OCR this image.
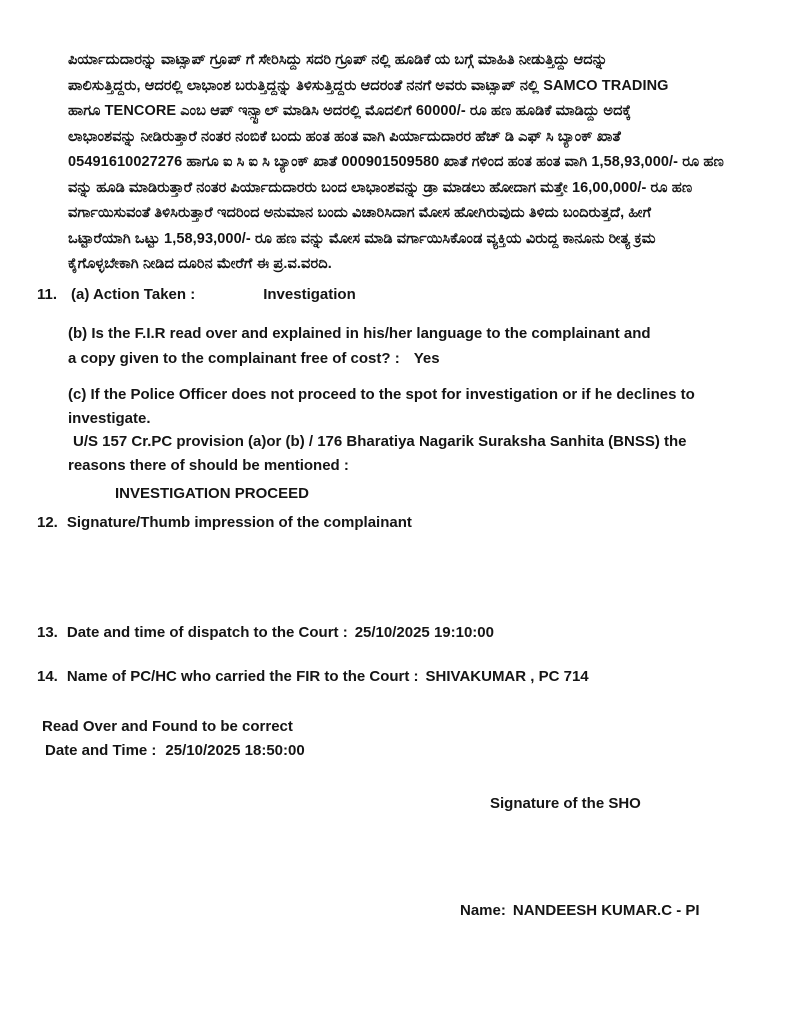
ಪಿರ್ಯಾದುದಾರನ್ನು ವಾಟ್ಸಾಪ್ ಗ್ರೂಪ್ ಗೆ ಸೇರಿಸಿದ್ದು ಸದರಿ ಗ್ರೂಪ್ ನಲ್ಲಿ ಹೂಡಿಕೆ ಯ ಬಗ್ಗೆ ಮಾಹಿತಿ ನೀಡುತ್ತಿದ್ದು ಆದನ್ನು
ಪಾಲಿಸುತ್ತಿದ್ದರು, ಆದರಲ್ಲಿ ಲಾಭಾಂಶ ಬರುತ್ತಿದ್ದನ್ನು ತಿಳಿಸುತ್ತಿದ್ದರು ಆದರಂತೆ ನನಗೆ ಅವರು ವಾಟ್ಸಾಪ್ ನಲ್ಲಿ SAMCO TRADING
ಹಾಗೂ TENCORE ಎಂಬ ಆಪ್ ಇನ್ಸ್ಟಾಲ್ ಮಾಡಿಸಿ ಅದರಲ್ಲಿ ಮೊದಲಿಗೆ 60000/- ರೂ ಹಣ ಹೂಡಿಕೆ ಮಾಡಿದ್ದು ಅದಕ್ಕೆ
ಲಾಭಾಂಶವನ್ನು ನೀಡಿರುತ್ತಾರೆ ನಂತರ ನಂಬಿಕೆ ಬಂದು ಹಂತ ಹಂತ ವಾಗಿ ಪಿರ್ಯಾದುದಾರರ ಹೆಚ್ ಡಿ ಎಫ್ ಸಿ ಬ್ಯಾಂಕ್ ಖಾತೆ
05491610027276 ಹಾಗೂ ಐ ಸಿ ಐ ಸಿ ಬ್ಯಾಂಕ್ ಖಾತೆ 000901509580 ಖಾತೆ ಗಳಿಂದ ಹಂತ ಹಂತ ವಾಗಿ 1,58,93,000/- ರೂ ಹಣ
ವನ್ನು ಹೂಡಿ ಮಾಡಿರುತ್ತಾರೆ ನಂತರ ಪಿರ್ಯಾದುದಾರರು ಬಂದ ಲಾಭಾಂಶವನ್ನು ಡ್ರಾ ಮಾಡಲು ಹೋದಾಗ ಮತ್ತೇ 16,00,000/- ರೂ ಹಣ
ವರ್ಗಾಯಿಸುವಂತೆ ತಿಳಿಸಿರುತ್ತಾರೆ ಇದರಿಂದ ಅನುಮಾನ ಬಂದು ವಿಚಾರಿಸಿದಾಗ ಮೋಸ ಹೋಗಿರುವುದು ತಿಳಿದು ಬಂದಿರುತ್ತದೆ, ಹೀಗೆ
ಒಟ್ಟಾರೆಯಾಗಿ ಒಟ್ಟು 1,58,93,000/- ರೂ ಹಣ ವನ್ನು ಮೋಸ ಮಾಡಿ ವರ್ಗಾಯಿಸಿಕೊಂಡ ವ್ಯಕ್ತಿಯ ವಿರುದ್ದ ಕಾನೂನು ರೀತ್ಯ ಕ್ರಮ
ಕೈಗೊಳ್ಳಬೇಕಾಗಿ ನೀಡಿದ ದೂರಿನ ಮೇರೆಗೆ ಈ ಪ್ರ.ವ.ವರದಿ.
11. (a) Action Taken :	Investigation
(b) Is the F.I.R read over and explained in his/her language to the complainant and
a copy given to the complainant free of cost? : Yes
(c) If the Police Officer does not proceed to the spot for investigation or if he declines to
investigate.
U/S 157 Cr.PC provision (a)or (b) / 176 Bharatiya Nagarik Suraksha Sanhita (BNSS) the
reasons there of should be mentioned :
INVESTIGATION PROCEED
12. Signature/Thumb impression of the complainant
13. Date and time of dispatch to the Court : 25/10/2025 19:10:00
14. Name of PC/HC who carried the FIR to the Court : SHIVAKUMAR , PC 714
Read Over and Found to be correct
Date and Time : 25/10/2025 18:50:00
Signature of the SHO
Name: NANDEESH KUMAR.C - PI
